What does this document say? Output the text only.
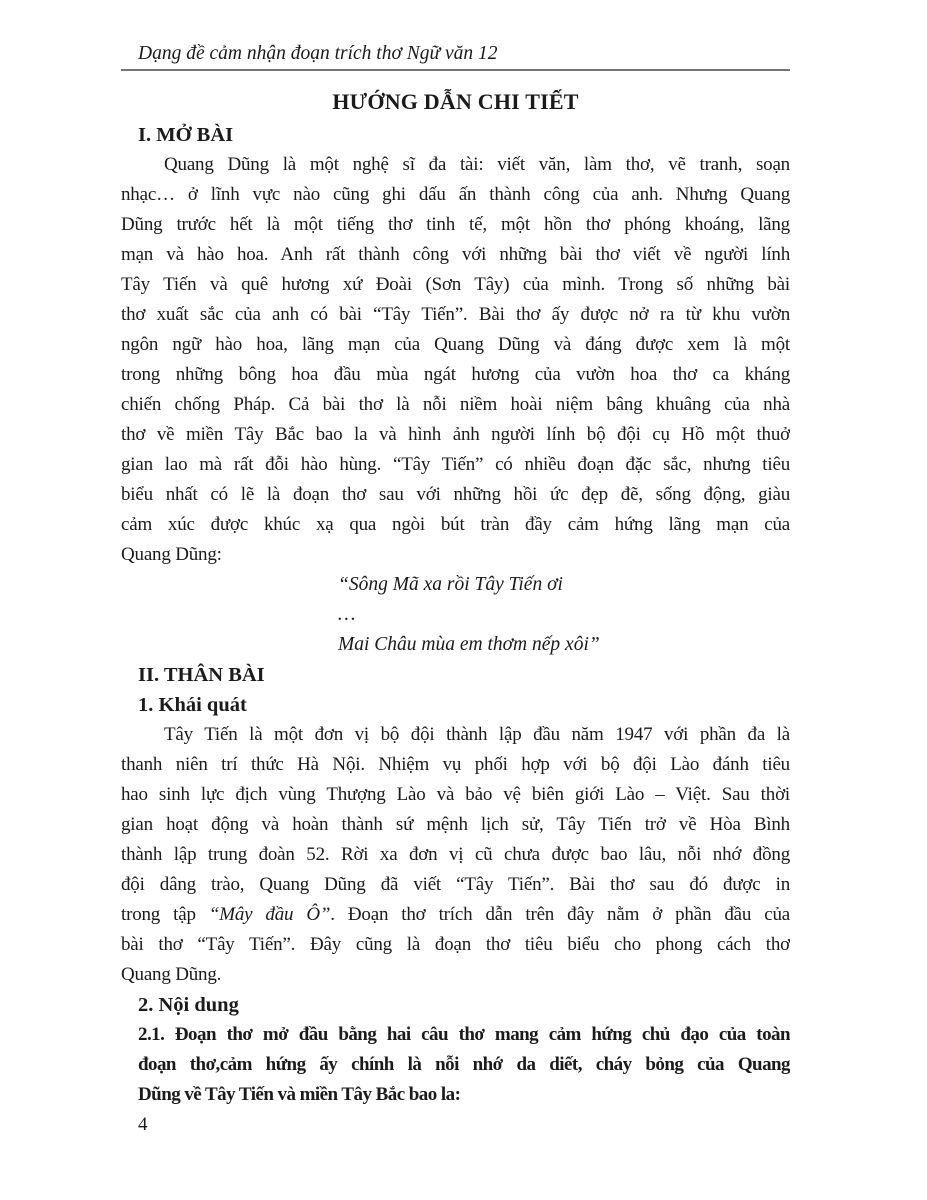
Dạng đề cảm nhận đoạn trích thơ Ngữ văn 12
HƯỚNG DẪN CHI TIẾT
I. MỞ BÀI
Quang Dũng là một nghệ sĩ đa tài: viết văn, làm thơ, vẽ tranh, soạn
nhạc… ở lĩnh vực nào cũng ghi dấu ấn thành công của anh. Nhưng Quang
Dũng trước hết là một tiếng thơ tinh tế, một hồn thơ phóng khoáng, lãng
mạn và hào hoa. Anh rất thành công với những bài thơ viết về người lính
Tây Tiến và quê hương xứ Đoài (Sơn Tây) của mình. Trong số những bài
thơ xuất sắc của anh có bài “Tây Tiến”. Bài thơ ấy được nở ra từ khu vườn
ngôn ngữ hào hoa, lãng mạn của Quang Dũng và đáng được xem là một
trong những bông hoa đầu mùa ngát hương của vườn hoa thơ ca kháng
chiến chống Pháp. Cả bài thơ là nỗi niềm hoài niệm bâng khuâng của nhà
thơ về miền Tây Bắc bao la và hình ảnh người lính bộ đội cụ Hồ một thuở
gian lao mà rất đỗi hào hùng. “Tây Tiến” có nhiều đoạn đặc sắc, nhưng tiêu
biểu nhất có lẽ là đoạn thơ sau với những hồi ức đẹp đẽ, sống động, giàu
cảm xúc được khúc xạ qua ngòi bút tràn đầy cảm hứng lãng mạn của
Quang Dũng:
“Sông Mã xa rồi Tây Tiến ơi
…
Mai Châu mùa em thơm nếp xôi”
II. THÂN BÀI
1. Khái quát
Tây Tiến là một đơn vị bộ đội thành lập đầu năm 1947 với phần đa là
thanh niên trí thức Hà Nội. Nhiệm vụ phối hợp với bộ đội Lào đánh tiêu
hao sinh lực địch vùng Thượng Lào và bảo vệ biên giới Lào – Việt. Sau thời
gian hoạt động và hoàn thành sứ mệnh lịch sử, Tây Tiến trở về Hòa Bình
thành lập trung đoàn 52. Rời xa đơn vị cũ chưa được bao lâu, nỗi nhớ đồng
đội dâng trào, Quang Dũng đã viết “Tây Tiến”. Bài thơ sau đó được in
trong tập “Mây đầu Ô”. Đoạn thơ trích dẫn trên đây nằm ở phần đầu của
bài thơ “Tây Tiến”. Đây cũng là đoạn thơ tiêu biểu cho phong cách thơ
Quang Dũng.
2. Nội dung
2.1. Đoạn thơ mở đầu bằng hai câu thơ mang cảm hứng chủ đạo của toàn
đoạn thơ,cảm hứng ấy chính là nỗi nhớ da diết, cháy bỏng của Quang
Dũng về Tây Tiến và miền Tây Bắc bao la:
4
